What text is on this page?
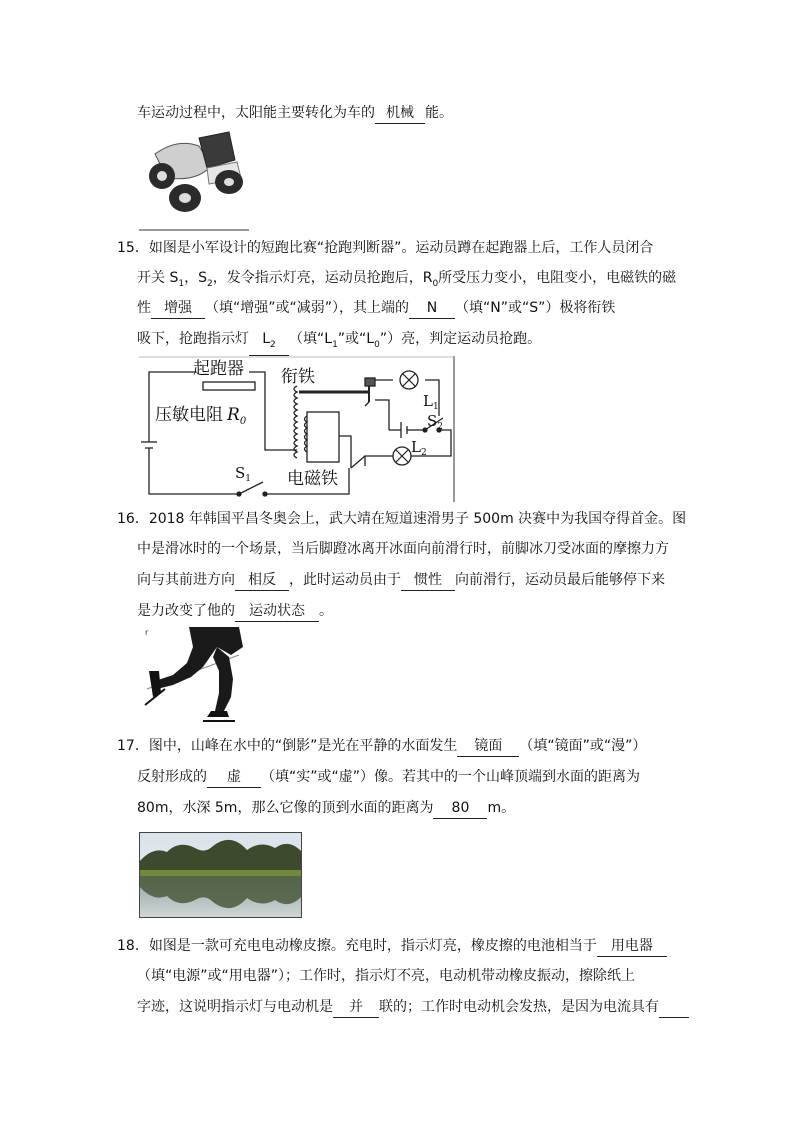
车运动过程中，太阳能主要转化为车的 机械 能。
15．如图是小军设计的短跑比赛“抢跑判断器”。运动员蹲在起跑器上后，工作人员闭合
开关 $S_1$，$S_2$，发令指示灯亮，运动员抢跑后，$R_0$所受压力变小，电阻变小，电磁铁的磁
性 增强 （填“增强”或“减弱”），其上端的 N （填“N”或“S”）极将衔铁
吸下，抢跑指示灯 $L_2$ （填“$L_1$”或“$L_0$”）亮，判定运动员抢跑。
起跑器 衔铁
压敏电阻 $R_0$
电磁铁
$S_1$
$S_2$
$L_1$
$L_2$
16．2018 年韩国平昌冬奥会上，武大靖在短道速滑男子 500m 决赛中为我国夺得首金。图
中是滑冰时的一个场景，当后脚蹬冰离开冰面向前滑行时，前脚冰刀受冰面的摩擦力方
向与其前进方向 相反 ，此时运动员由于 惯性 向前滑行，运动员最后能够停下来
是力改变了他的 运动状态 。
r
17．图中，山峰在水中的“倒影”是光在平静的水面发生 镜面 （填“镜面”或“漫”）
反射形成的 虚 （填“实”或“虚”）像。若其中的一个山峰顶端到水面的距离为
80m，水深 5m，那么它像的顶到水面的距离为 80 m。
18．如图是一款可充电电动橡皮擦。充电时，指示灯亮，橡皮擦的电池相当于 用电器
（填“电源”或“用电器”）；工作时，指示灯不亮，电动机带动橡皮振动，擦除纸上
字迹，这说明指示灯与电动机是 并 联的；工作时电动机会发热，是因为电流具有
